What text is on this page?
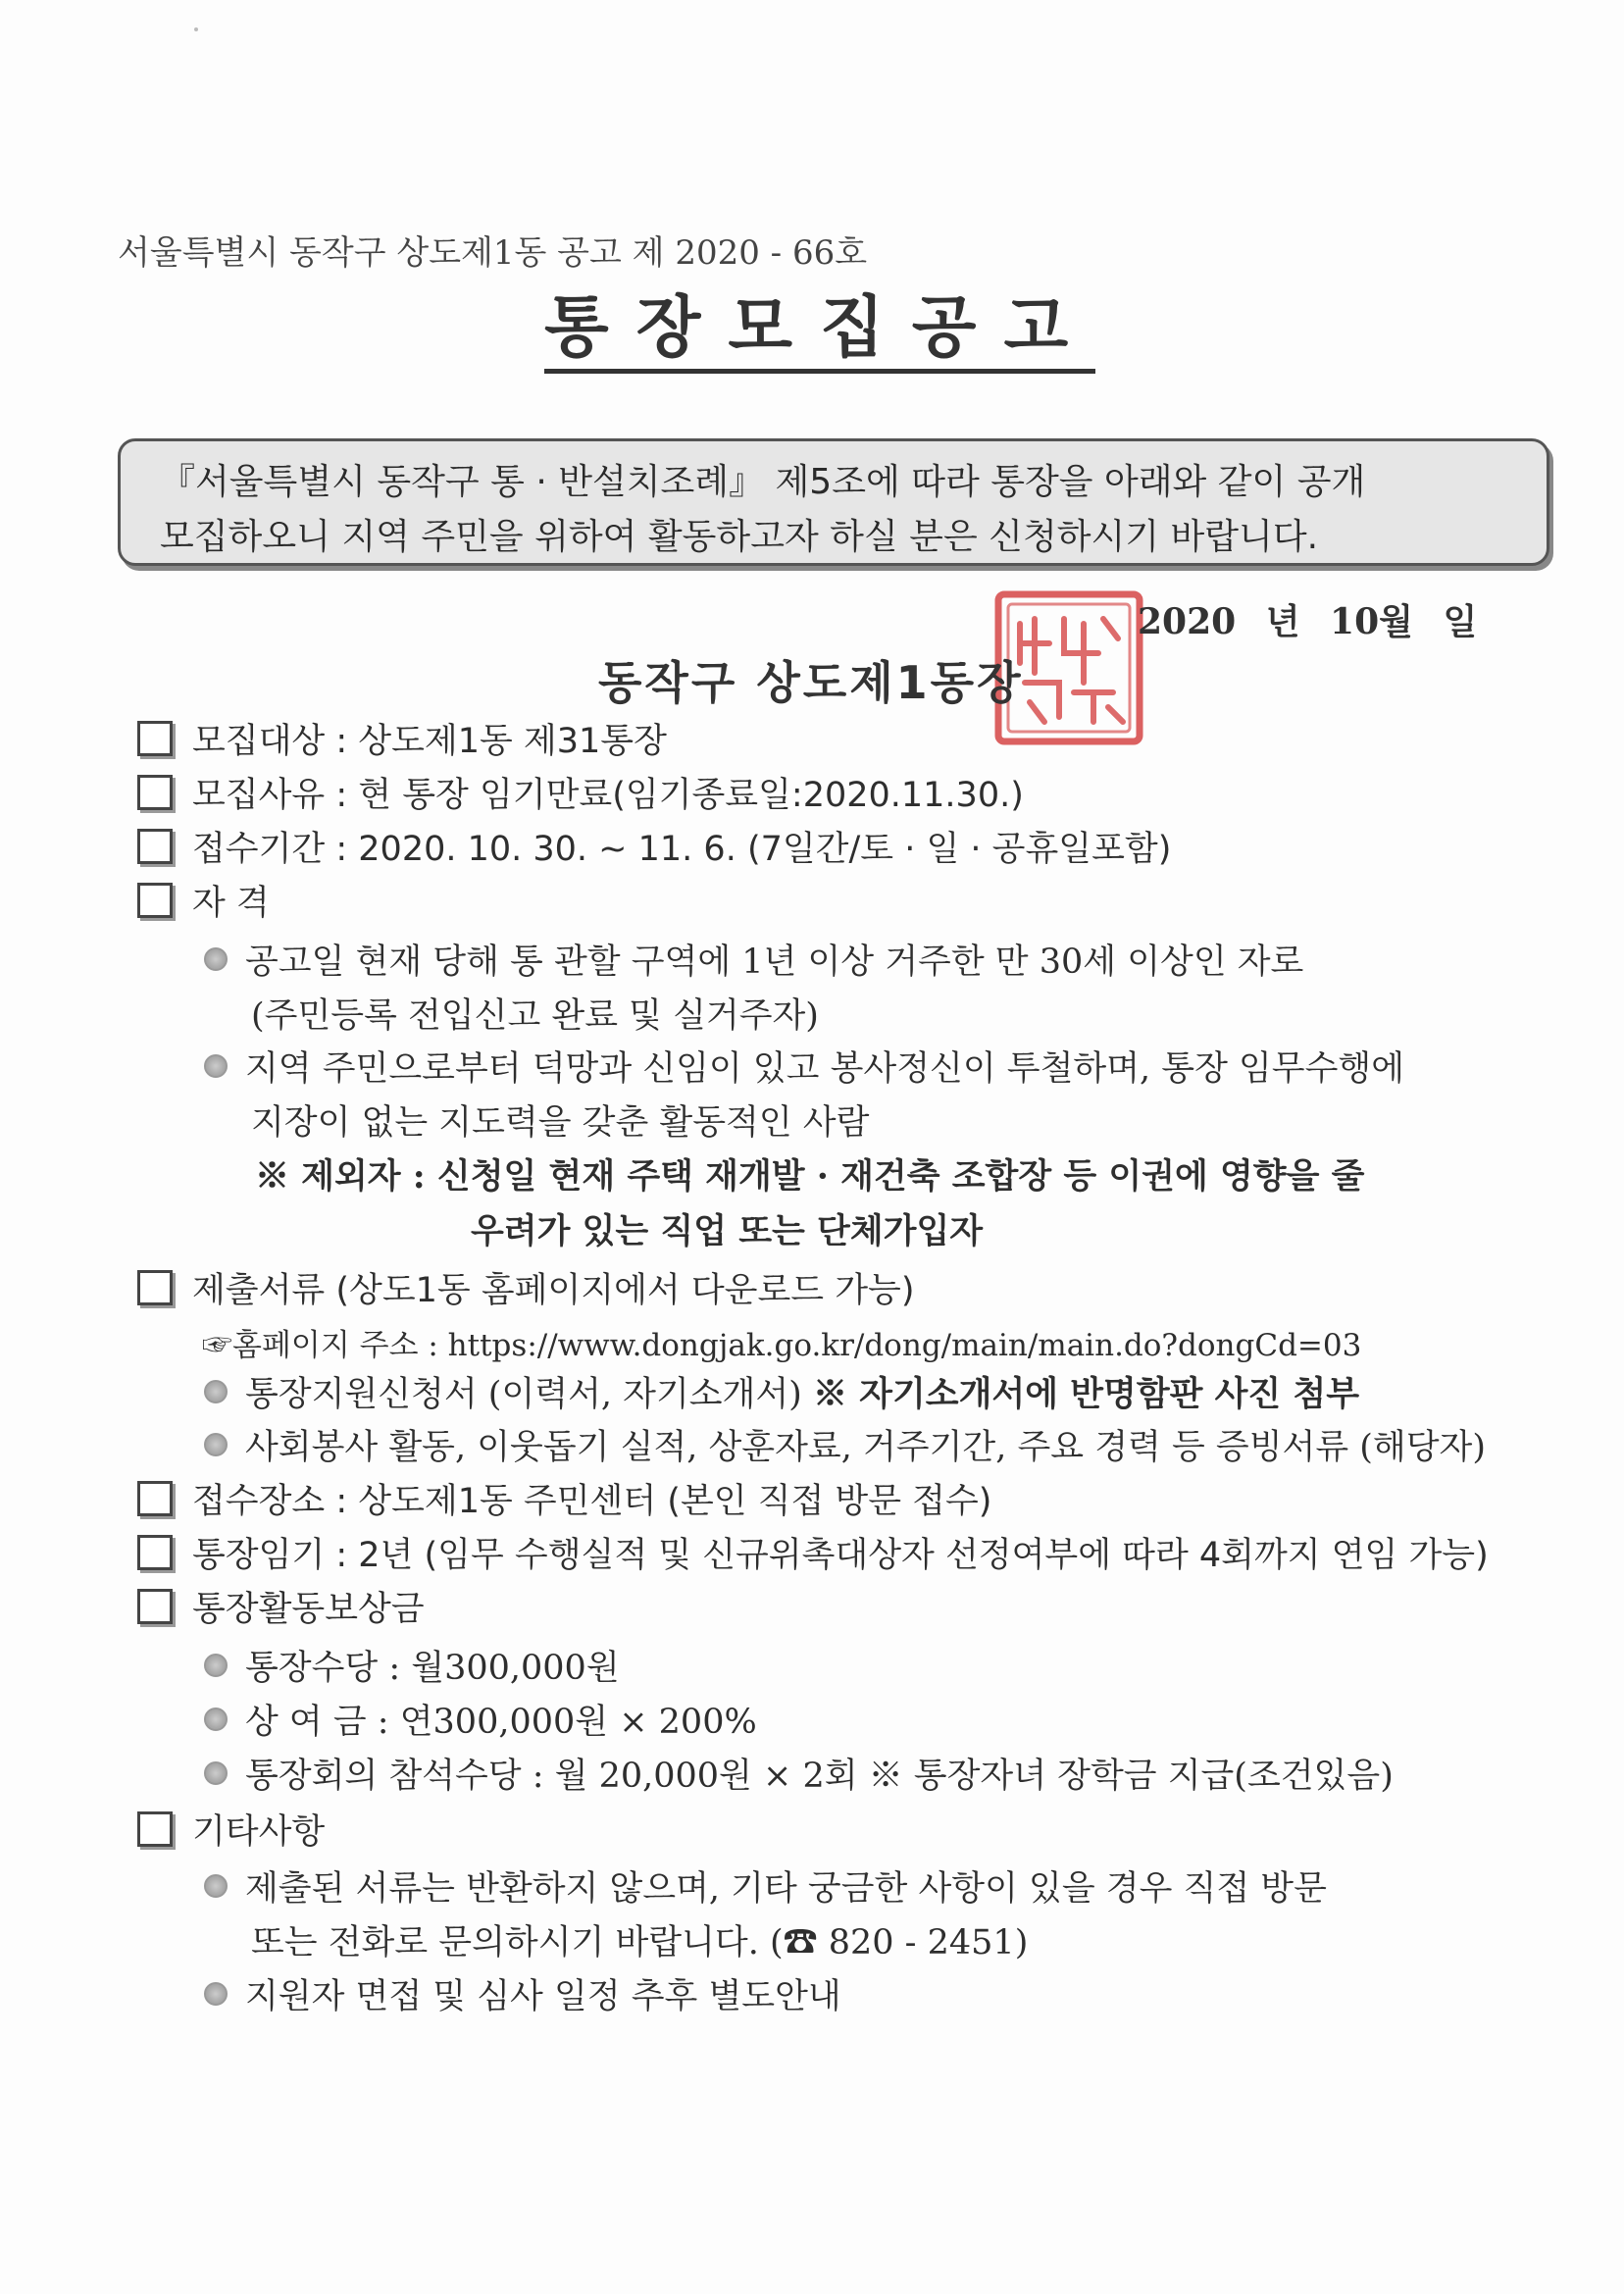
서울특별시 동작구 상도제1동 공고 제 2020 - 66호
통장모집공고

『서울특별시 동작구 통 · 반설치조례』 제5조에 따라 통장을 아래와 같이 공개

모집하오니 지역 주민을 위하여 활동하고자 하실 분은 신청하시기 바랍니다.

2020 년 10월 일
동작구 상도제1동장
모집대상 : 상도제1동 제31통장
모집사유 : 현 통장 임기만료(임기종료일:2020.11.30.)
접수기간 : 2020. 10. 30. ~ 11. 6. (7일간/토 · 일 · 공휴일포함)
자 격
공고일 현재 당해 통 관할 구역에 1년 이상 거주한 만 30세 이상인 자로
(주민등록 전입신고 완료 및 실거주자)
지역 주민으로부터 덕망과 신임이 있고 봉사정신이 투철하며, 통장 임무수행에
지장이 없는 지도력을 갖춘 활동적인 사람
※ 제외자 : 신청일 현재 주택 재개발 · 재건축 조합장 등 이권에 영향을 줄
우려가 있는 직업 또는 단체가입자
제출서류 (상도1동 홈페이지에서 다운로드 가능)
☞홈페이지 주소 : https://www.dongjak.go.kr/dong/main/main.do?dongCd=03
통장지원신청서 (이력서, 자기소개서) ※ 자기소개서에 반명함판 사진 첨부
사회봉사 활동, 이웃돕기 실적, 상훈자료, 거주기간, 주요 경력 등 증빙서류 (해당자)
접수장소 : 상도제1동 주민센터 (본인 직접 방문 접수)
통장임기 : 2년 (임무 수행실적 및 신규위촉대상자 선정여부에 따라 4회까지 연임 가능)
통장활동보상금
통장수당 : 월300,000원
상 여 금 : 연300,000원 × 200%
통장회의 참석수당 : 월 20,000원 × 2회 ※ 통장자녀 장학금 지급(조건있음)
기타사항
제출된 서류는 반환하지 않으며, 기타 궁금한 사항이 있을 경우 직접 방문
또는 전화로 문의하시기 바랍니다. (☎ 820 - 2451)
지원자 면접 및 심사 일정 추후 별도안내
